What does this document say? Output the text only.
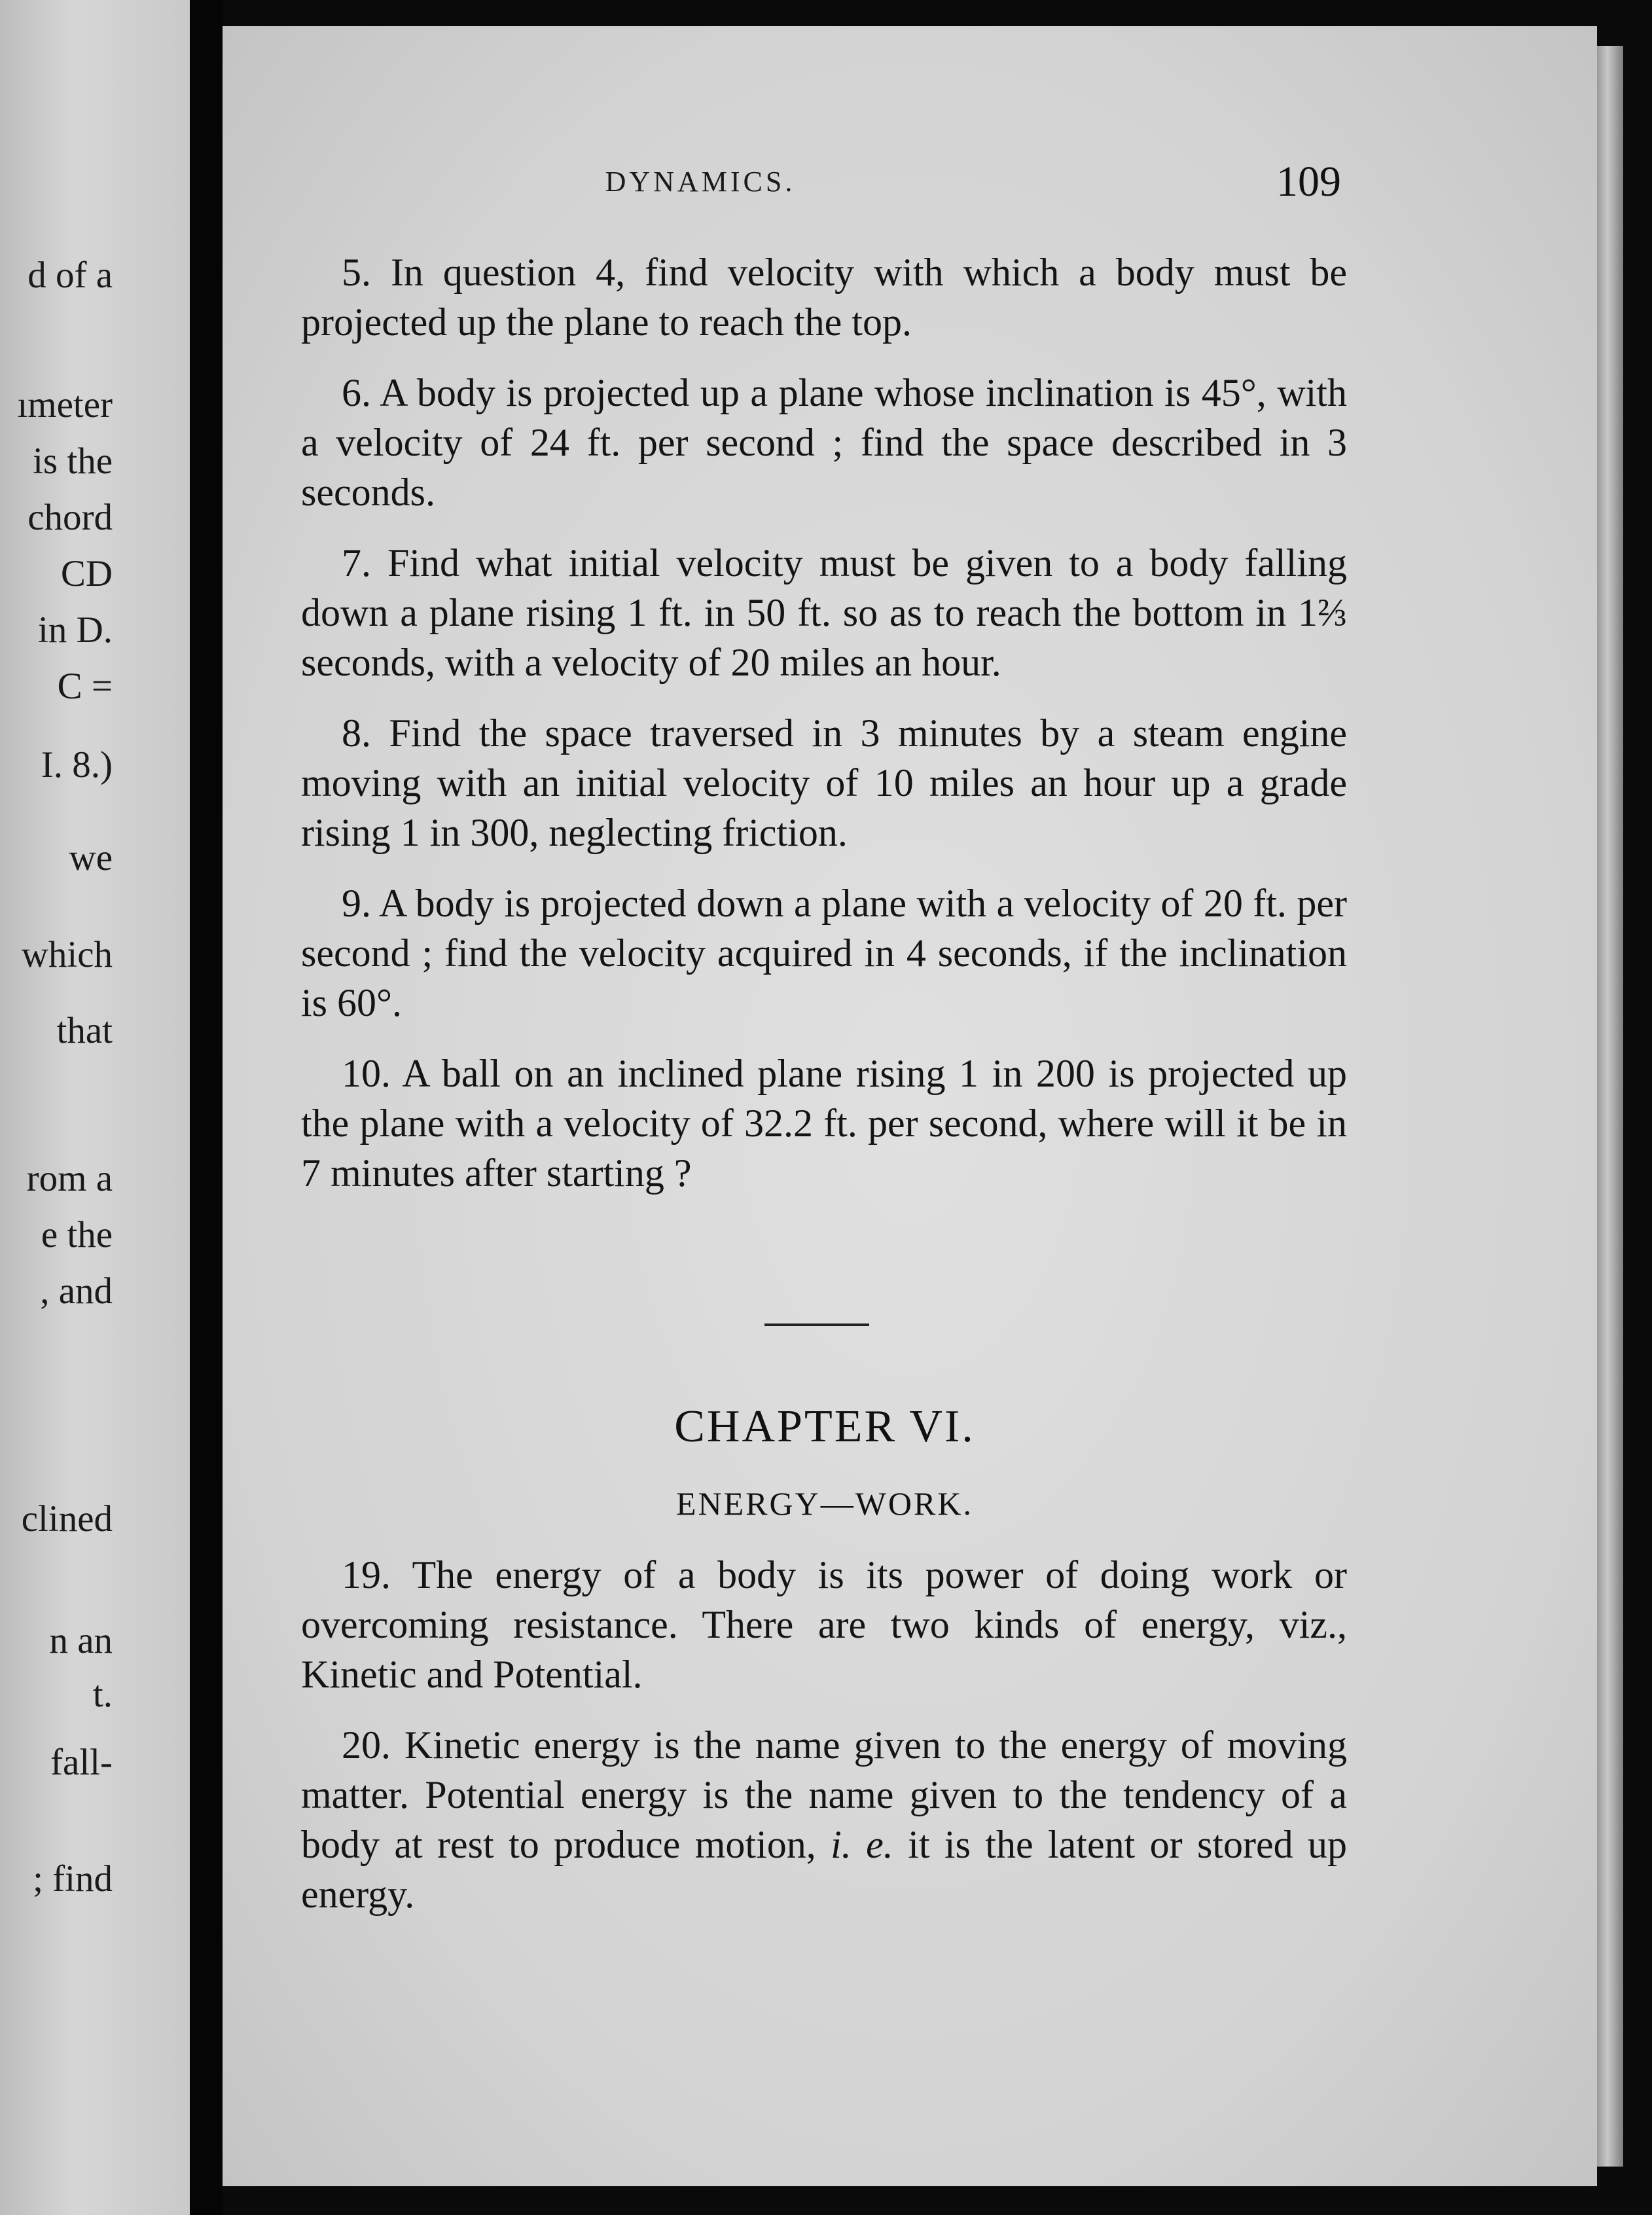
d of a
ımeter
is the
chord
CD
in D.
C =
I. 8.)
we
which
that
rom a
e the
, and
clined
n an
t.
fall-
; find
DYNAMICS.	109

5. In question 4, find velocity with which a body must be projected up the plane to reach the top.

6. A body is projected up a plane whose inclination is 45°, with a velocity of 24 ft. per second ; find the space described in 3 seconds.

7. Find what initial velocity must be given to a body falling down a plane rising 1 ft. in 50 ft. so as to reach the bottom in 1⅔ seconds, with a velocity of 20 miles an hour.

8. Find the space traversed in 3 minutes by a steam engine moving with an initial velocity of 10 miles an hour up a grade rising 1 in 300, neglecting friction.

9. A body is projected down a plane with a velocity of 20 ft. per second ; find the velocity acquired in 4 seconds, if the inclination is 60°.

10. A ball on an inclined plane rising 1 in 200 is projected up the plane with a velocity of 32.2 ft. per second, where will it be in 7 minutes after starting ?

CHAPTER VI.
ENERGY—WORK.

19. The energy of a body is its power of doing work or overcoming resistance. There are two kinds of energy, viz., Kinetic and Potential.

20. Kinetic energy is the name given to the energy of moving matter. Potential energy is the name given to the tendency of a body at rest to produce motion, i. e. it is the latent or stored up energy.
